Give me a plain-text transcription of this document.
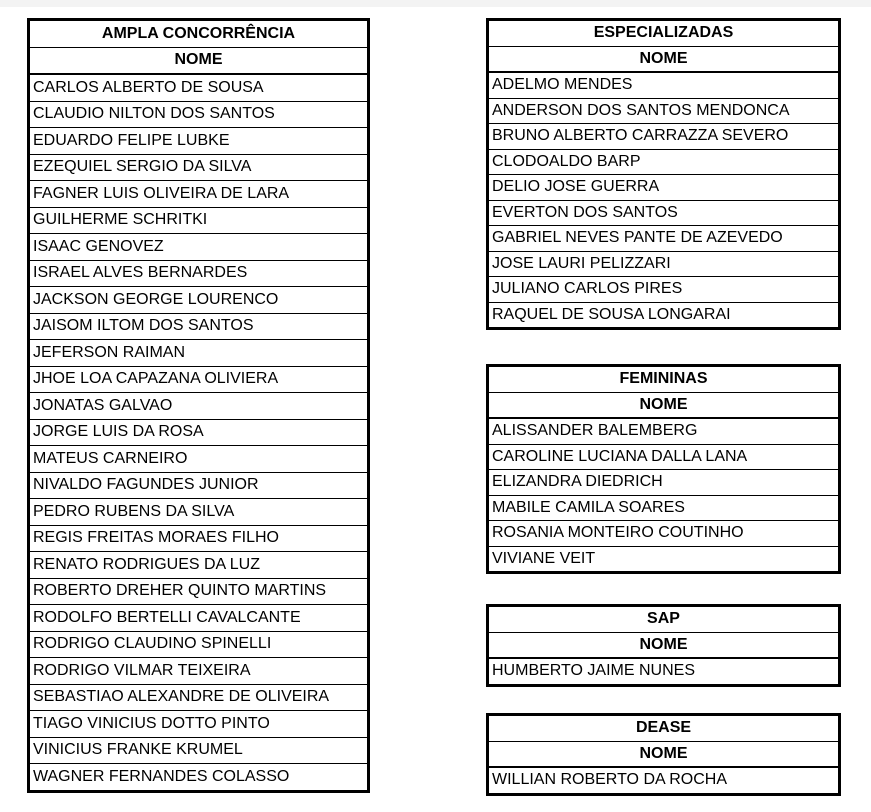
AMPLA CONCORRÊNCIA
NOME
CARLOS ALBERTO DE SOUSA
CLAUDIO NILTON DOS SANTOS
EDUARDO FELIPE LUBKE
EZEQUIEL SERGIO DA SILVA
FAGNER LUIS OLIVEIRA DE LARA
GUILHERME SCHRITKI
ISAAC GENOVEZ
ISRAEL ALVES BERNARDES
JACKSON GEORGE LOURENCO
JAISOM ILTOM DOS SANTOS
JEFERSON RAIMAN
JHOE LOA CAPAZANA OLIVIERA
JONATAS GALVAO
JORGE LUIS DA ROSA
MATEUS CARNEIRO
NIVALDO FAGUNDES JUNIOR
PEDRO RUBENS DA SILVA
REGIS FREITAS MORAES FILHO
RENATO RODRIGUES DA LUZ
ROBERTO DREHER QUINTO MARTINS
RODOLFO BERTELLI CAVALCANTE
RODRIGO CLAUDINO SPINELLI
RODRIGO VILMAR TEIXEIRA
SEBASTIAO ALEXANDRE DE OLIVEIRA
TIAGO VINICIUS DOTTO PINTO
VINICIUS FRANKE KRUMEL
WAGNER FERNANDES COLASSO
ESPECIALIZADAS
NOME
ADELMO MENDES
ANDERSON DOS SANTOS MENDONCA
BRUNO ALBERTO CARRAZZA SEVERO
CLODOALDO BARP
DELIO JOSE GUERRA
EVERTON DOS SANTOS
GABRIEL NEVES PANTE DE AZEVEDO
JOSE LAURI PELIZZARI
JULIANO CARLOS PIRES
RAQUEL DE SOUSA LONGARAI
FEMININAS
NOME
ALISSANDER BALEMBERG
CAROLINE LUCIANA DALLA LANA
ELIZANDRA DIEDRICH
MABILE CAMILA SOARES
ROSANIA MONTEIRO COUTINHO
VIVIANE VEIT
SAP
NOME
HUMBERTO JAIME NUNES
DEASE
NOME
WILLIAN ROBERTO DA ROCHA
